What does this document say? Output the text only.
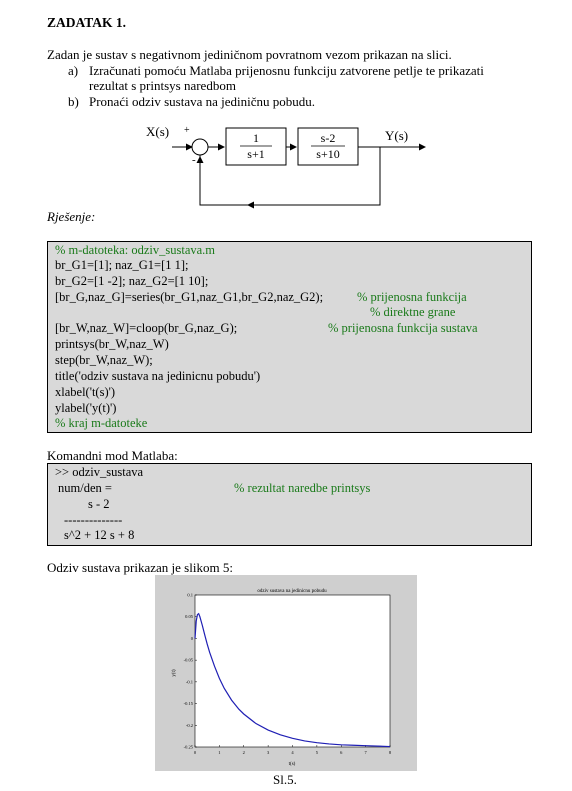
ZADATAK 1.
Zadan je sustav s negativnom jediničnom povratnom vezom prikazan na slici.
a) Izračunati pomoću Matlaba prijenosnu funkciju zatvorene petlje te prikazati
rezultat s printsys naredbom
b) Pronaći odziv sustava na jediničnu pobudu.
X(s) +
-
1
s+1
s-2
s+10
Y(s)
Rješenje:
% m-datoteka: odziv_sustava.m
br_G1=[1]; naz_G1=[1 1];
br_G2=[1 -2]; naz_G2=[1 10];
[br_G,naz_G]=series(br_G1,naz_G1,br_G2,naz_G2);	% prijenosna funkcija
% direktne grane
[br_W,naz_W]=cloop(br_G,naz_G);	% prijenosna funkcija sustava
printsys(br_W,naz_W)
step(br_W,naz_W);
title('odziv sustava na jedinicnu pobudu')
xlabel('t(s)')
ylabel('y(t)')
% kraj m-datoteke
Komandni mod Matlaba:
>> odziv_sustava
num/den =	% rezultat naredbe printsys
s - 2
--------------
s^2 + 12 s + 8
Odziv sustava prikazan je slikom 5:
odziv sustava na jedinicnu pobudu
t(s)
y(t)
0	1	2	3	4	5	6	7	8
0.1
0.05
0
-0.05
-0.1
-0.15
-0.2
-0.25
Sl.5.
